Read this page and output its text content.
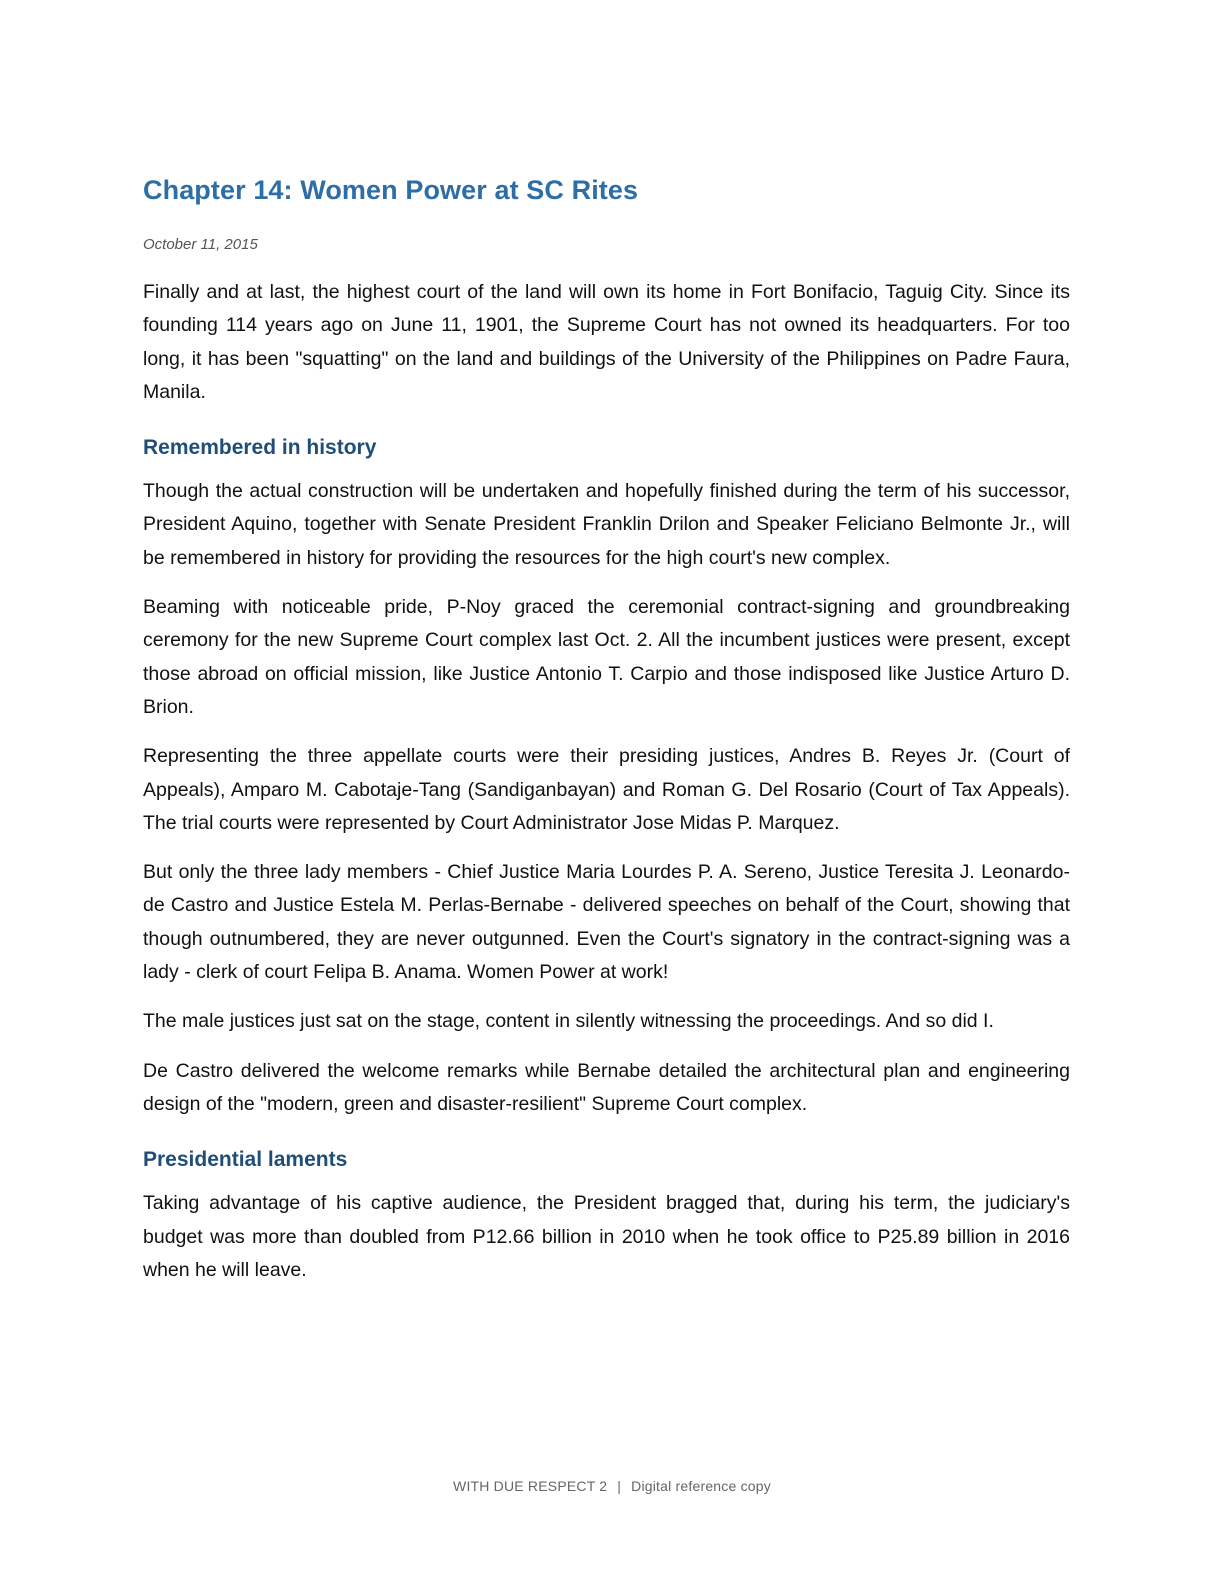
Chapter 14: Women Power at SC Rites
October 11, 2015

Finally and at last, the highest court of the land will own its home in Fort Bonifacio, Taguig City. Since its founding 114 years ago on June 11, 1901, the Supreme Court has not owned its headquarters. For too long, it has been "squatting" on the land and buildings of the University of the Philippines on Padre Faura, Manila.

Remembered in history

Though the actual construction will be undertaken and hopefully finished during the term of his successor, President Aquino, together with Senate President Franklin Drilon and Speaker Feliciano Belmonte Jr., will be remembered in history for providing the resources for the high court's new complex.

Beaming with noticeable pride, P-Noy graced the ceremonial contract-signing and groundbreaking ceremony for the new Supreme Court complex last Oct. 2. All the incumbent justices were present, except those abroad on official mission, like Justice Antonio T. Carpio and those indisposed like Justice Arturo D. Brion.

Representing the three appellate courts were their presiding justices, Andres B. Reyes Jr. (Court of Appeals), Amparo M. Cabotaje-Tang (Sandiganbayan) and Roman G. Del Rosario (Court of Tax Appeals). The trial courts were represented by Court Administrator Jose Midas P. Marquez.

But only the three lady members - Chief Justice Maria Lourdes P. A. Sereno, Justice Teresita J. Leonardo-de Castro and Justice Estela M. Perlas-Bernabe - delivered speeches on behalf of the Court, showing that though outnumbered, they are never outgunned. Even the Court's signatory in the contract-signing was a lady - clerk of court Felipa B. Anama. Women Power at work!

The male justices just sat on the stage, content in silently witnessing the proceedings. And so did I.

De Castro delivered the welcome remarks while Bernabe detailed the architectural plan and engineering design of the "modern, green and disaster-resilient" Supreme Court complex.

Presidential laments

Taking advantage of his captive audience, the President bragged that, during his term, the judiciary's budget was more than doubled from P12.66 billion in 2010 when he took office to P25.89 billion in 2016 when he will leave.

WITH DUE RESPECT 2 | Digital reference copy
